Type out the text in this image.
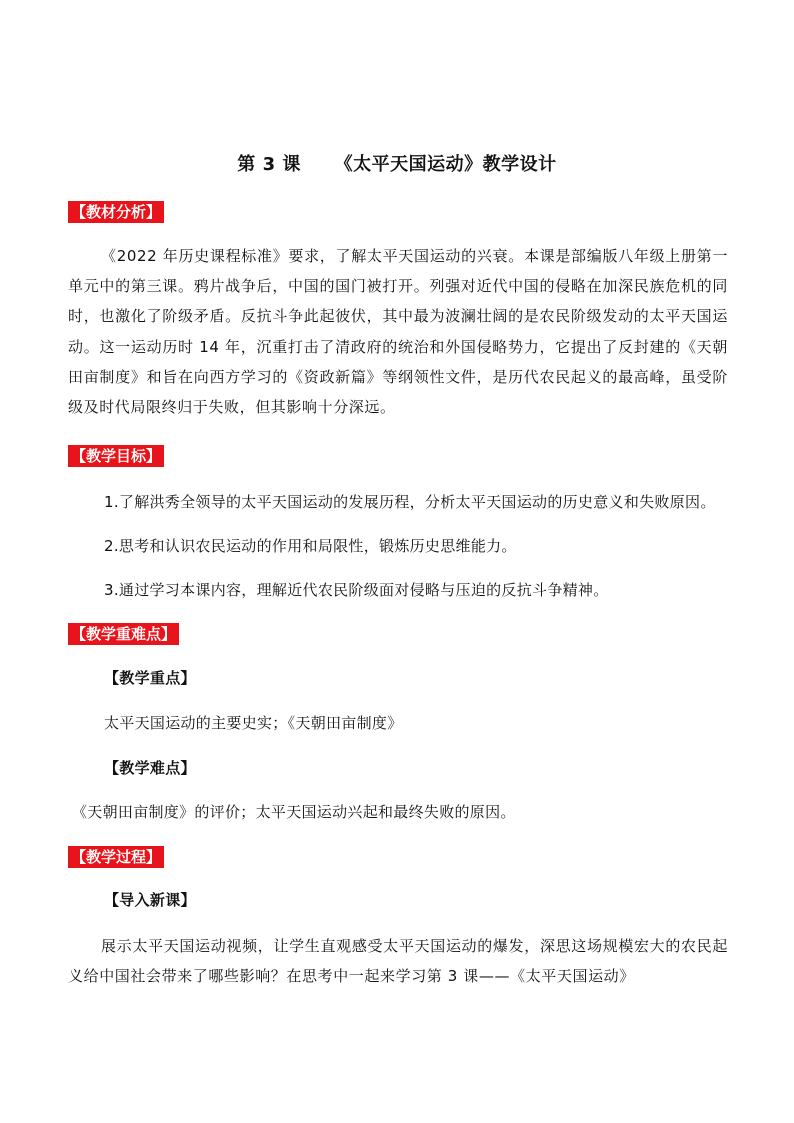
第 3 课     《太平天国运动》教学设计
【教材分析】
《2022 年历史课程标准》要求，了解太平天国运动的兴衰。本课是部编版八年级上册第一单元中的第三课。鸦片战争后，中国的国门被打开。列强对近代中国的侵略在加深民族危机的同时，也激化了阶级矛盾。反抗斗争此起彼伏，其中最为波澜壮阔的是农民阶级发动的太平天国运动。这一运动历时 14 年，沉重打击了清政府的统治和外国侵略势力，它提出了反封建的《天朝田亩制度》和旨在向西方学习的《资政新篇》等纲领性文件，是历代农民起义的最高峰，虽受阶级及时代局限终归于失败，但其影响十分深远。
【教学目标】
1.了解洪秀全领导的太平天国运动的发展历程，分析太平天国运动的历史意义和失败原因。
2.思考和认识农民运动的作用和局限性，锻炼历史思维能力。
3.通过学习本课内容，理解近代农民阶级面对侵略与压迫的反抗斗争精神。
【教学重难点】
【教学重点】
太平天国运动的主要史实；《天朝田亩制度》
【教学难点】
《天朝田亩制度》的评价；太平天国运动兴起和最终失败的原因。
【教学过程】
【导入新课】
展示太平天国运动视频，让学生直观感受太平天国运动的爆发，深思这场规模宏大的农民起义给中国社会带来了哪些影响？在思考中一起来学习第 3 课——《太平天国运动》
